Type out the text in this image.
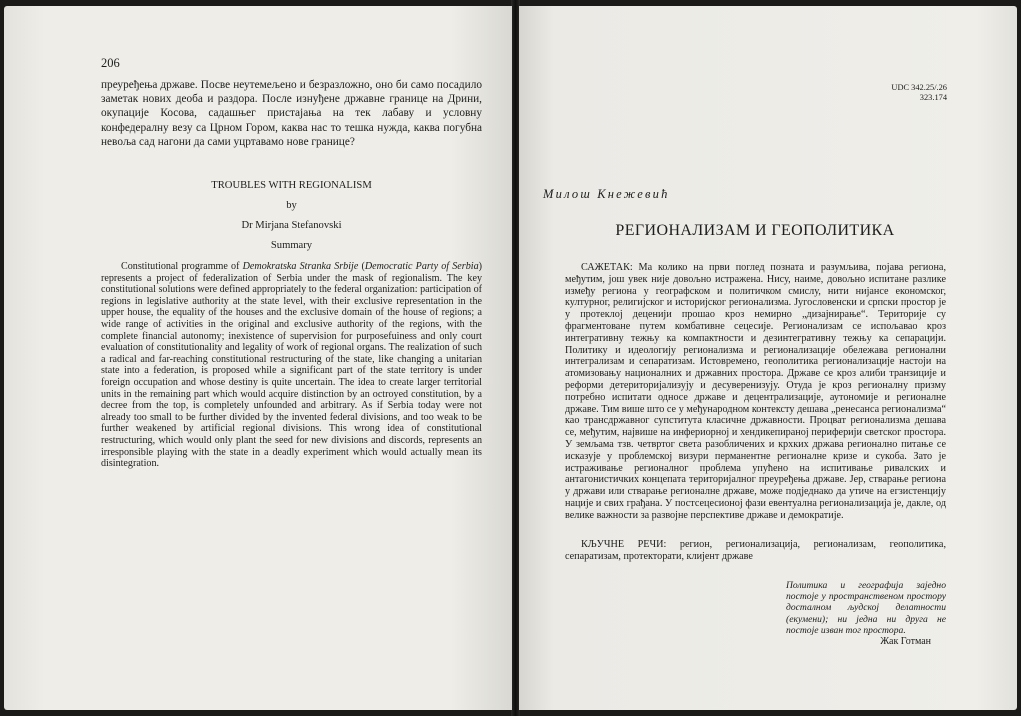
206

преуређења државе. Посве неутемељено и безразложно, оно би само посадило заметак нових деоба и раздора. После изнуђене државне границе на Дрини, окупације Косова, садашњег пристајања на тек лабаву и условну конфедералну везу са Црном Гором, каква нас то тешка нужда, каква погубна невоља сад нагони да сами уцртавамо нове границе?

TROUBLES WITH REGIONALISM
by
Dr Mirjana Stefanovski
Summary

Constitutional programme of Demokratska Stranka Srbije (Democratic Party of Serbia) represents a project of federalization of Serbia under the mask of regionalism. The key constitutional solutions were defined appropriately to the federal organization: participation of regions in legislative authority at the state level, with their exclusive representation in the upper house, the equality of the houses and the exclusive domain of the house of regions; a wide range of activities in the original and exclusive authority of the regions, with the complete financial autonomy; inexistence of supervision for purposefuiness and only court evaluation of constitutionality and legality of work of regional organs. The realization of such a radical and far-reaching constitutional restructuring of the state, like changing a unitarian state into a federation, is proposed while a significant part of the state territory is under foreign occupation and whose destiny is quite uncertain. The idea to create larger territorial units in the remaining part which would acquire distinction by an octroyed constitution, by a decree from the top, is completely unfounded and arbitrary. As if Serbia today were not already too small to be further divided by the invented federal divisions, and too weak to be further weakened by artificial regional divisions. This wrong idea of constitutional restructuring, which would only plant the seed for new divisions and discords, represents an irresponsible playing with the state in a deadly experiment which would actually mean its disintegration.

UDC 342.25/.26
323.174
Милош Кнежевић
РЕГИОНАЛИЗАМ И ГЕОПОЛИТИКА

САЖЕТАК: Ма колико на први поглед позната и разумљива, појава региона, међутим, још увек није довољно истражена. Нису, наиме, довољно испитане разлике између региона у географском и политичком смислу, нити нијансе економског, културног, религијског и историјског регионализма. Југословенски и српски простор је у протеклој деценији прошао кроз немирно „дизајнирање“. Територије су фрагментоване путем комбативне сецесије. Регионализам се испољавао кроз интегративну тежњу ка компактности и дезинтегративну тежњу ка сепарацији. Политику и идеологију регионализма и регионализације обележава регионални интегрализам и сепаратизам. Истовремено, геополитика регионализације настоји на атомизовању националних и државних простора. Државе се кроз алиби транзиције и реформи детериторијализују и десуверенизују. Отуда је кроз регионалну призму потребно испитати односе државе и децентрализације, аутономије и регионалне државе. Тим више што се у међународном контексту дешава „ренесанса регионализма“ као трансдржавног супститута класичне државности. Процват регионализма дешава се, међутим, највише на инфериорној и хендикепираној периферији светског простора. У земљама тзв. четвртог света разобличених и крхких држава регионално питање се исказује у проблемској визури перманентне регионалне кризе и сукоба. Зато је истраживање регионалног проблема упућено на испитивање ривалских и антагонистичких концепата територијалног преуређења државе. Јер, стварање региона у држави или стварање регионалне државе, може подједнако да утиче на егзистенцију нације и свих грађана. У постсецесионој фази евентуална регионализација је, дакле, од велике важности за развојне перспективе државе и демократије.

КЉУЧНЕ РЕЧИ: регион, регионализација, регионализам, геополитика, сепаратизам, протекторати, клијент државе

Политика и географија заједно постоје у пространственом простору досталном људској делатности (екумени); ни једна ни друга не постоје изван тог простора.

Жак Готман
